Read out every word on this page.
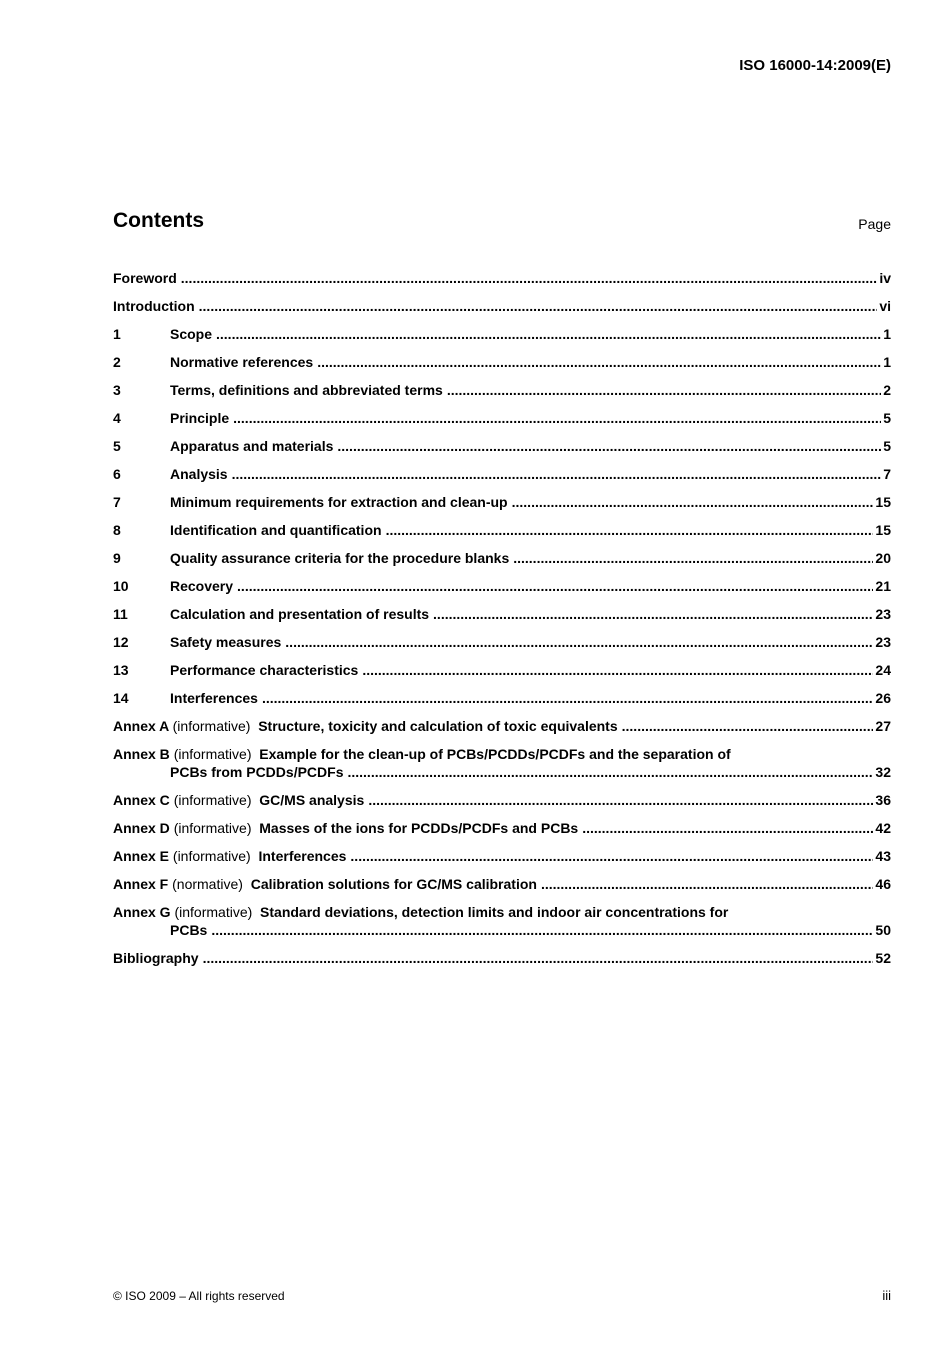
ISO 16000-14:2009(E)
Contents	Page
Foreword .....	iv
Introduction .....	vi
1	Scope .....	1
2	Normative references .....	1
3	Terms, definitions and abbreviated terms .....	2
4	Principle .....	5
5	Apparatus and materials .....	5
6	Analysis .....	7
7	Minimum requirements for extraction and clean-up .....	15
8	Identification and quantification .....	15
9	Quality assurance criteria for the procedure blanks .....	20
10	Recovery .....	21
11	Calculation and presentation of results .....	23
12	Safety measures .....	23
13	Performance characteristics .....	24
14	Interferences .....	26
Annex A (informative) Structure, toxicity and calculation of toxic equivalents .....	27
Annex B (informative) Example for the clean-up of PCBs/PCDDs/PCDFs and the separation of
PCBs from PCDDs/PCDFs .....	32
Annex C (informative) GC/MS analysis .....	36
Annex D (informative) Masses of the ions for PCDDs/PCDFs and PCBs .....	42
Annex E (informative) Interferences .....	43
Annex F (normative) Calibration solutions for GC/MS calibration .....	46
Annex G (informative) Standard deviations, detection limits and indoor air concentrations for
PCBs .....	50
Bibliography .....	52
© ISO 2009 – All rights reserved	iii
